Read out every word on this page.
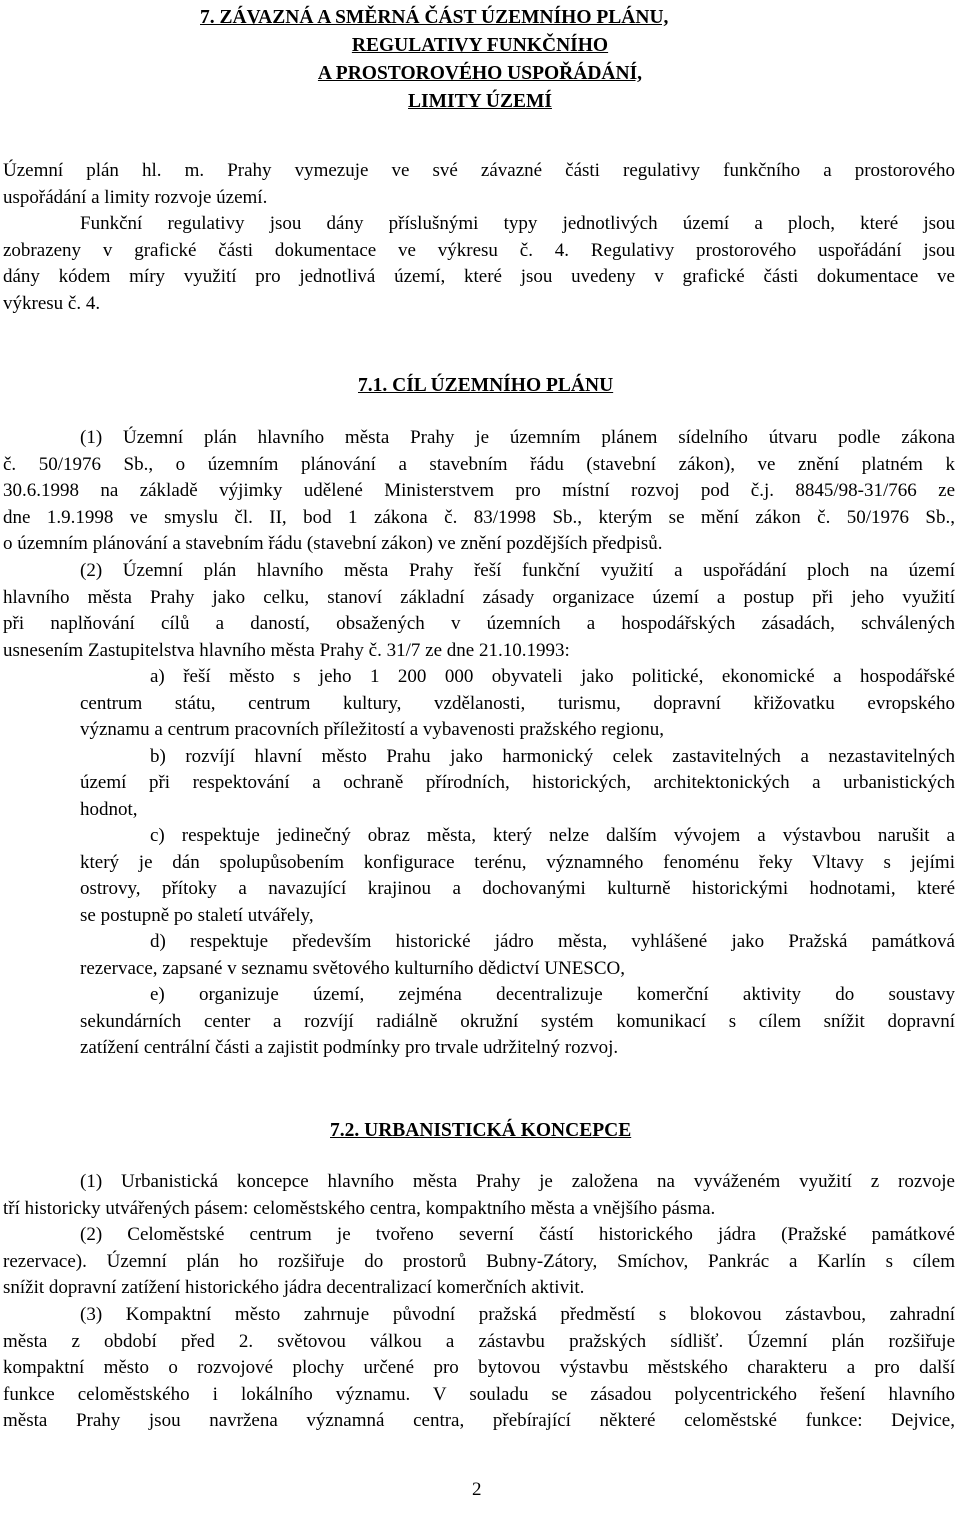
7. ZÁVAZNÁ A SMĚRNÁ ČÁST ÚZEMNÍHO PLÁNU,
REGULATIVY FUNKČNÍHO
A PROSTOROVÉHO USPOŘÁDÁNÍ,
LIMITY ÚZEMÍ
Územní plán hl. m. Prahy vymezuje ve své závazné části regulativy funkčního a prostorového
uspořádání a limity rozvoje území.
Funkční regulativy jsou dány příslušnými typy jednotlivých území a ploch, které jsou
zobrazeny v grafické části dokumentace ve výkresu č. 4. Regulativy prostorového uspořádání jsou
dány kódem míry využití pro jednotlivá území, které jsou uvedeny v grafické části dokumentace ve
výkresu č. 4.
7.1. CÍL ÚZEMNÍHO PLÁNU
(1) Územní plán hlavního města Prahy je územním plánem sídelního útvaru podle zákona
č. 50/1976 Sb., o územním plánování a stavebním řádu (stavební zákon), ve znění platném k
30.6.1998 na základě výjimky udělené Ministerstvem pro místní rozvoj pod č.j. 8845/98-31/766 ze
dne 1.9.1998 ve smyslu čl. II, bod 1 zákona č. 83/1998 Sb., kterým se mění zákon č. 50/1976 Sb.,
o územním plánování a stavebním řádu (stavební zákon) ve znění pozdějších předpisů.
(2) Územní plán hlavního města Prahy řeší funkční využití a uspořádání ploch na území
hlavního města Prahy jako celku, stanoví základní zásady organizace území a postup při jeho využití
při naplňování cílů a daností, obsažených v územních a hospodářských zásadách, schválených
usnesením Zastupitelstva hlavního města Prahy č. 31/7 ze dne 21.10.1993:
a) řeší město s jeho 1 200 000 obyvateli jako politické, ekonomické a hospodářské
centrum státu, centrum kultury, vzdělanosti, turismu, dopravní křižovatku evropského
významu a centrum pracovních příležitostí a vybavenosti pražského regionu,
b) rozvíjí hlavní město Prahu jako harmonický celek zastavitelných a nezastavitelných
území při respektování a ochraně přírodních, historických, architektonických a urbanistických
hodnot,
c) respektuje jedinečný obraz města, který nelze dalším vývojem a výstavbou narušit a
který je dán spolupůsobením konfigurace terénu, významného fenoménu řeky Vltavy s jejími
ostrovy, přítoky a navazující krajinou a dochovanými kulturně historickými hodnotami, které
se postupně po staletí utvářely,
d) respektuje především historické jádro města, vyhlášené jako Pražská památková
rezervace, zapsané v seznamu světového kulturního dědictví UNESCO,
e) organizuje území, zejména decentralizuje komerční aktivity do soustavy
sekundárních center a rozvíjí radiálně okružní systém komunikací s cílem snížit dopravní
zatížení centrální části a zajistit podmínky pro trvale udržitelný rozvoj.
7.2. URBANISTICKÁ KONCEPCE
(1) Urbanistická koncepce hlavního města Prahy je založena na vyváženém využití z rozvoje
tří historicky utvářených pásem: celoměstského centra, kompaktního města a vnějšího pásma.
(2) Celoměstské centrum je tvořeno severní částí historického jádra (Pražské památkové
rezervace). Územní plán ho rozšiřuje do prostorů Bubny-Zátory, Smíchov, Pankrác a Karlín s cílem
snížit dopravní zatížení historického jádra decentralizací komerčních aktivit.
(3) Kompaktní město zahrnuje původní pražská předměstí s blokovou zástavbou, zahradní
města z období před 2. světovou válkou a zástavbu pražských sídlišť. Územní plán rozšiřuje
kompaktní město o rozvojové plochy určené pro bytovou výstavbu městského charakteru a pro další
funkce celoměstského i lokálního významu. V souladu se zásadou polycentrického řešení hlavního
města Prahy jsou navržena významná centra, přebírající některé celoměstské funkce: Dejvice,
2
